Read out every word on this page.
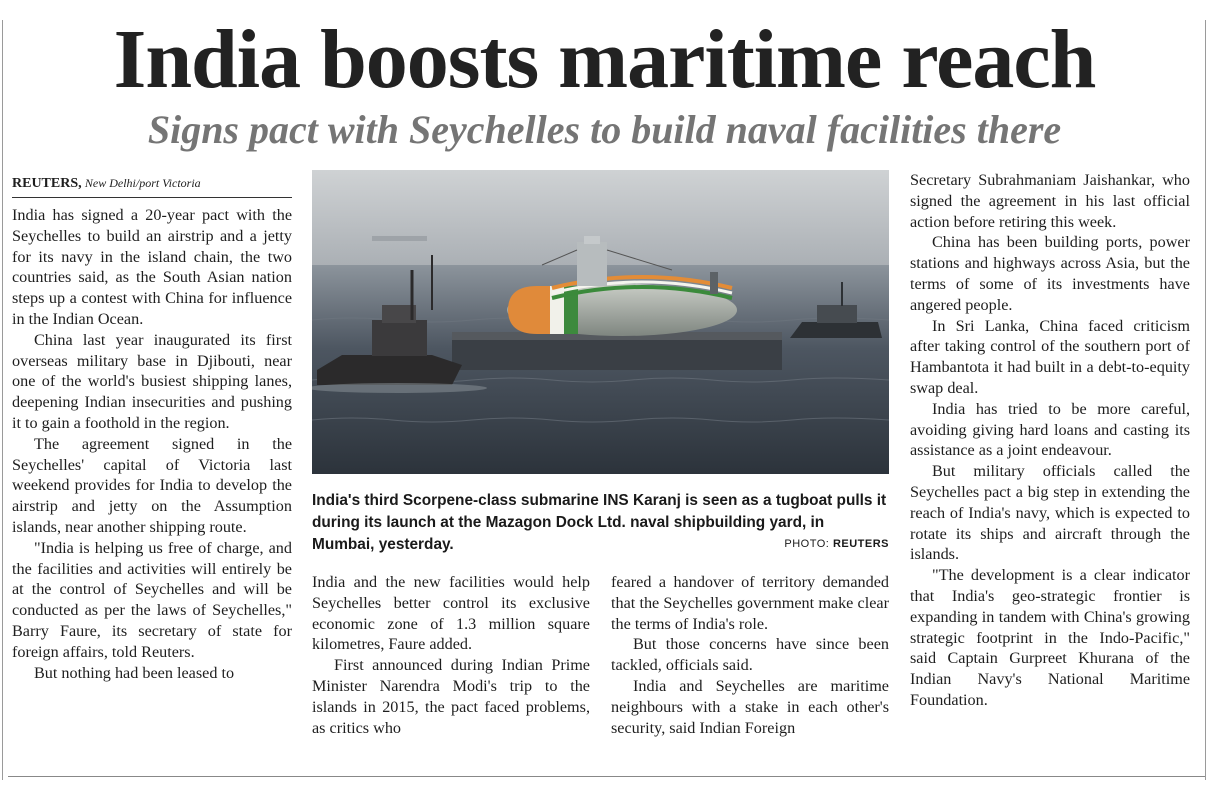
India boosts maritime reach
Signs pact with Seychelles to build naval facilities there
REUTERS, New Delhi/port Victoria

India has signed a 20-year pact with the Seychelles to build an airstrip and a jetty for its navy in the island chain, the two countries said, as the South Asian nation steps up a contest with China for influence in the Indian Ocean.

China last year inaugurated its first overseas military base in Djibouti, near one of the world's busiest shipping lanes, deepening Indian insecurities and pushing it to gain a foothold in the region.

The agreement signed in the Seychelles' capital of Victoria last weekend provides for India to develop the airstrip and jetty on the Assumption islands, near another shipping route.

"India is helping us free of charge, and the facilities and activities will entirely be at the control of Seychelles and will be conducted as per the laws of Seychelles," Barry Faure, its secretary of state for foreign affairs, told Reuters.

But nothing had been leased to

India's third Scorpene-class submarine INS Karanj is seen as a tugboat pulls it during its launch at the Mazagon Dock Ltd. naval shipbuilding yard, in Mumbai, yesterday.	PHOTO: REUTERS

India and the new facilities would help Seychelles better control its exclusive economic zone of 1.3 million square kilometres, Faure added.

First announced during Indian Prime Minister Narendra Modi's trip to the islands in 2015, the pact faced problems, as critics who

feared a handover of territory demanded that the Seychelles government make clear the terms of India's role.

But those concerns have since been tackled, officials said.

India and Seychelles are maritime neighbours with a stake in each other's security, said Indian Foreign

Secretary Subrahmaniam Jaishankar, who signed the agreement in his last official action before retiring this week.

China has been building ports, power stations and highways across Asia, but the terms of some of its investments have angered people.

In Sri Lanka, China faced criticism after taking control of the southern port of Hambantota it had built in a debt-to-equity swap deal.

India has tried to be more careful, avoiding giving hard loans and casting its assistance as a joint endeavour.

But military officials called the Seychelles pact a big step in extending the reach of India's navy, which is expected to rotate its ships and aircraft through the islands.

"The development is a clear indicator that India's geo-strategic frontier is expanding in tandem with China's growing strategic footprint in the Indo-Pacific," said Captain Gurpreet Khurana of the Indian Navy's National Maritime Foundation.
